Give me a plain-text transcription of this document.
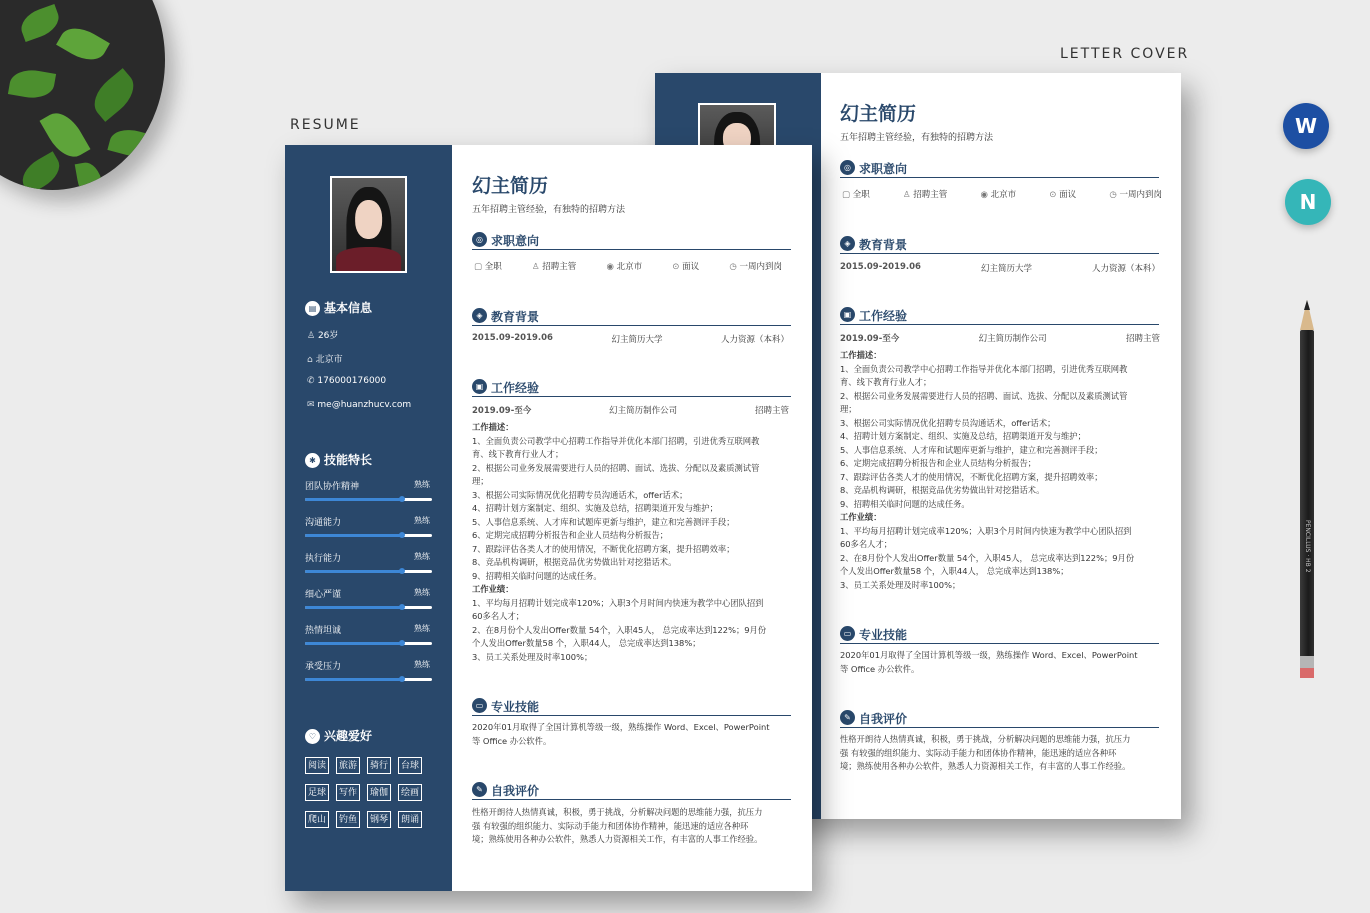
RESUME
LETTER COVER
幻主简历
五年招聘主管经验，有独特的招聘方法
◎ 求职意向
▢ 全职	♙ 招聘主管	◉ 北京市	⊙ 面议	◷ 一周内到岗
◈ 教育背景
2015.09-2019.06	幻主简历大学	人力资源（本科）
▣ 工作经验
2019.09-至今	幻主简历制作公司	招聘主管
工作描述：
1、全面负责公司教学中心招聘工作指导并优化本部门招聘，引进优秀互联网教
育、线下教育行业人才；
2、根据公司业务发展需要进行人员的招聘、面试、选拔、分配以及素质测试管
理；
3、根据公司实际情况优化招聘专员沟通话术，offer话术；
4、招聘计划方案制定、组织、实施及总结，招聘渠道开发与维护；
5、人事信息系统、人才库和试题库更新与维护，建立和完善测评手段；
6、定期完成招聘分析报告和企业人员结构分析报告；
7、跟踪评估各类人才的使用情况，不断优化招聘方案，提升招聘效率；
8、竞品机构调研，根据竞品优劣势做出针对挖猎话术。
9、招聘相关临时问题的达成任务。
工作业绩：
1、平均每月招聘计划完成率120%；入职3个月时间内快速为教学中心团队招到
60多名人才；
2、在8月份个人发出Offer数量 54个，入职45人， 总完成率达到122%；9月份
个人发出Offer数量58 个，入职44人， 总完成率达到138%；
3、员工关系处理及时率100%；
▭ 专业技能
2020年01月取得了全国计算机等级一级，熟练操作 Word、Excel、PowerPoint
等 Office 办公软件。
✎ 自我评价
性格开朗待人热情真诚，积极，勇于挑战，分析解决问题的思维能力强，抗压力
强 有较强的组织能力、实际动手能力和团体协作精神，能迅速的适应各种环
境；熟练使用各种办公软件，熟悉人力资源相关工作，有丰富的人事工作经验。
▤ 基本信息
♙ 26岁
⌂ 北京市
✆ 176000176000
✉ me@huanzhucv.com
✱ 技能特长
团队协作精神	熟练
沟通能力	熟练
执行能力	熟练
细心严谨	熟练
热情坦诚	熟练
承受压力	熟练
♡ 兴趣爱好
阅读	旅游	骑行	台球
足球	写作	瑜伽	绘画
爬山	钓鱼	钢琴	朗诵
幻主简历
五年招聘主管经验，有独特的招聘方法
◎ 求职意向
▢ 全职	♙ 招聘主管	◉ 北京市	⊙ 面议	◷ 一周内到岗
◈ 教育背景
2015.09-2019.06	幻主简历大学	人力资源（本科）
▣ 工作经验
2019.09-至今	幻主简历制作公司	招聘主管
工作描述：
1、全面负责公司教学中心招聘工作指导并优化本部门招聘，引进优秀互联网教
育、线下教育行业人才；
2、根据公司业务发展需要进行人员的招聘、面试、选拔、分配以及素质测试管
理；
3、根据公司实际情况优化招聘专员沟通话术，offer话术；
4、招聘计划方案制定、组织、实施及总结，招聘渠道开发与维护；
5、人事信息系统、人才库和试题库更新与维护，建立和完善测评手段；
6、定期完成招聘分析报告和企业人员结构分析报告；
7、跟踪评估各类人才的使用情况，不断优化招聘方案，提升招聘效率；
8、竞品机构调研，根据竞品优劣势做出针对挖猎话术。
9、招聘相关临时问题的达成任务。
工作业绩：
1、平均每月招聘计划完成率120%；入职3个月时间内快速为教学中心团队招到
60多名人才；
2、在8月份个人发出Offer数量 54个，入职45人， 总完成率达到122%；9月份
个人发出Offer数量58 个，入职44人， 总完成率达到138%；
3、员工关系处理及时率100%；
▭ 专业技能
2020年01月取得了全国计算机等级一级，熟练操作 Word、Excel、PowerPoint
等 Office 办公软件。
✎ 自我评价
性格开朗待人热情真诚，积极，勇于挑战，分析解决问题的思维能力强，抗压力
强 有较强的组织能力、实际动手能力和团体协作精神，能迅速的适应各种环
境；熟练使用各种办公软件，熟悉人力资源相关工作，有丰富的人事工作经验。
W
N
PENCILLUS · HB 2
